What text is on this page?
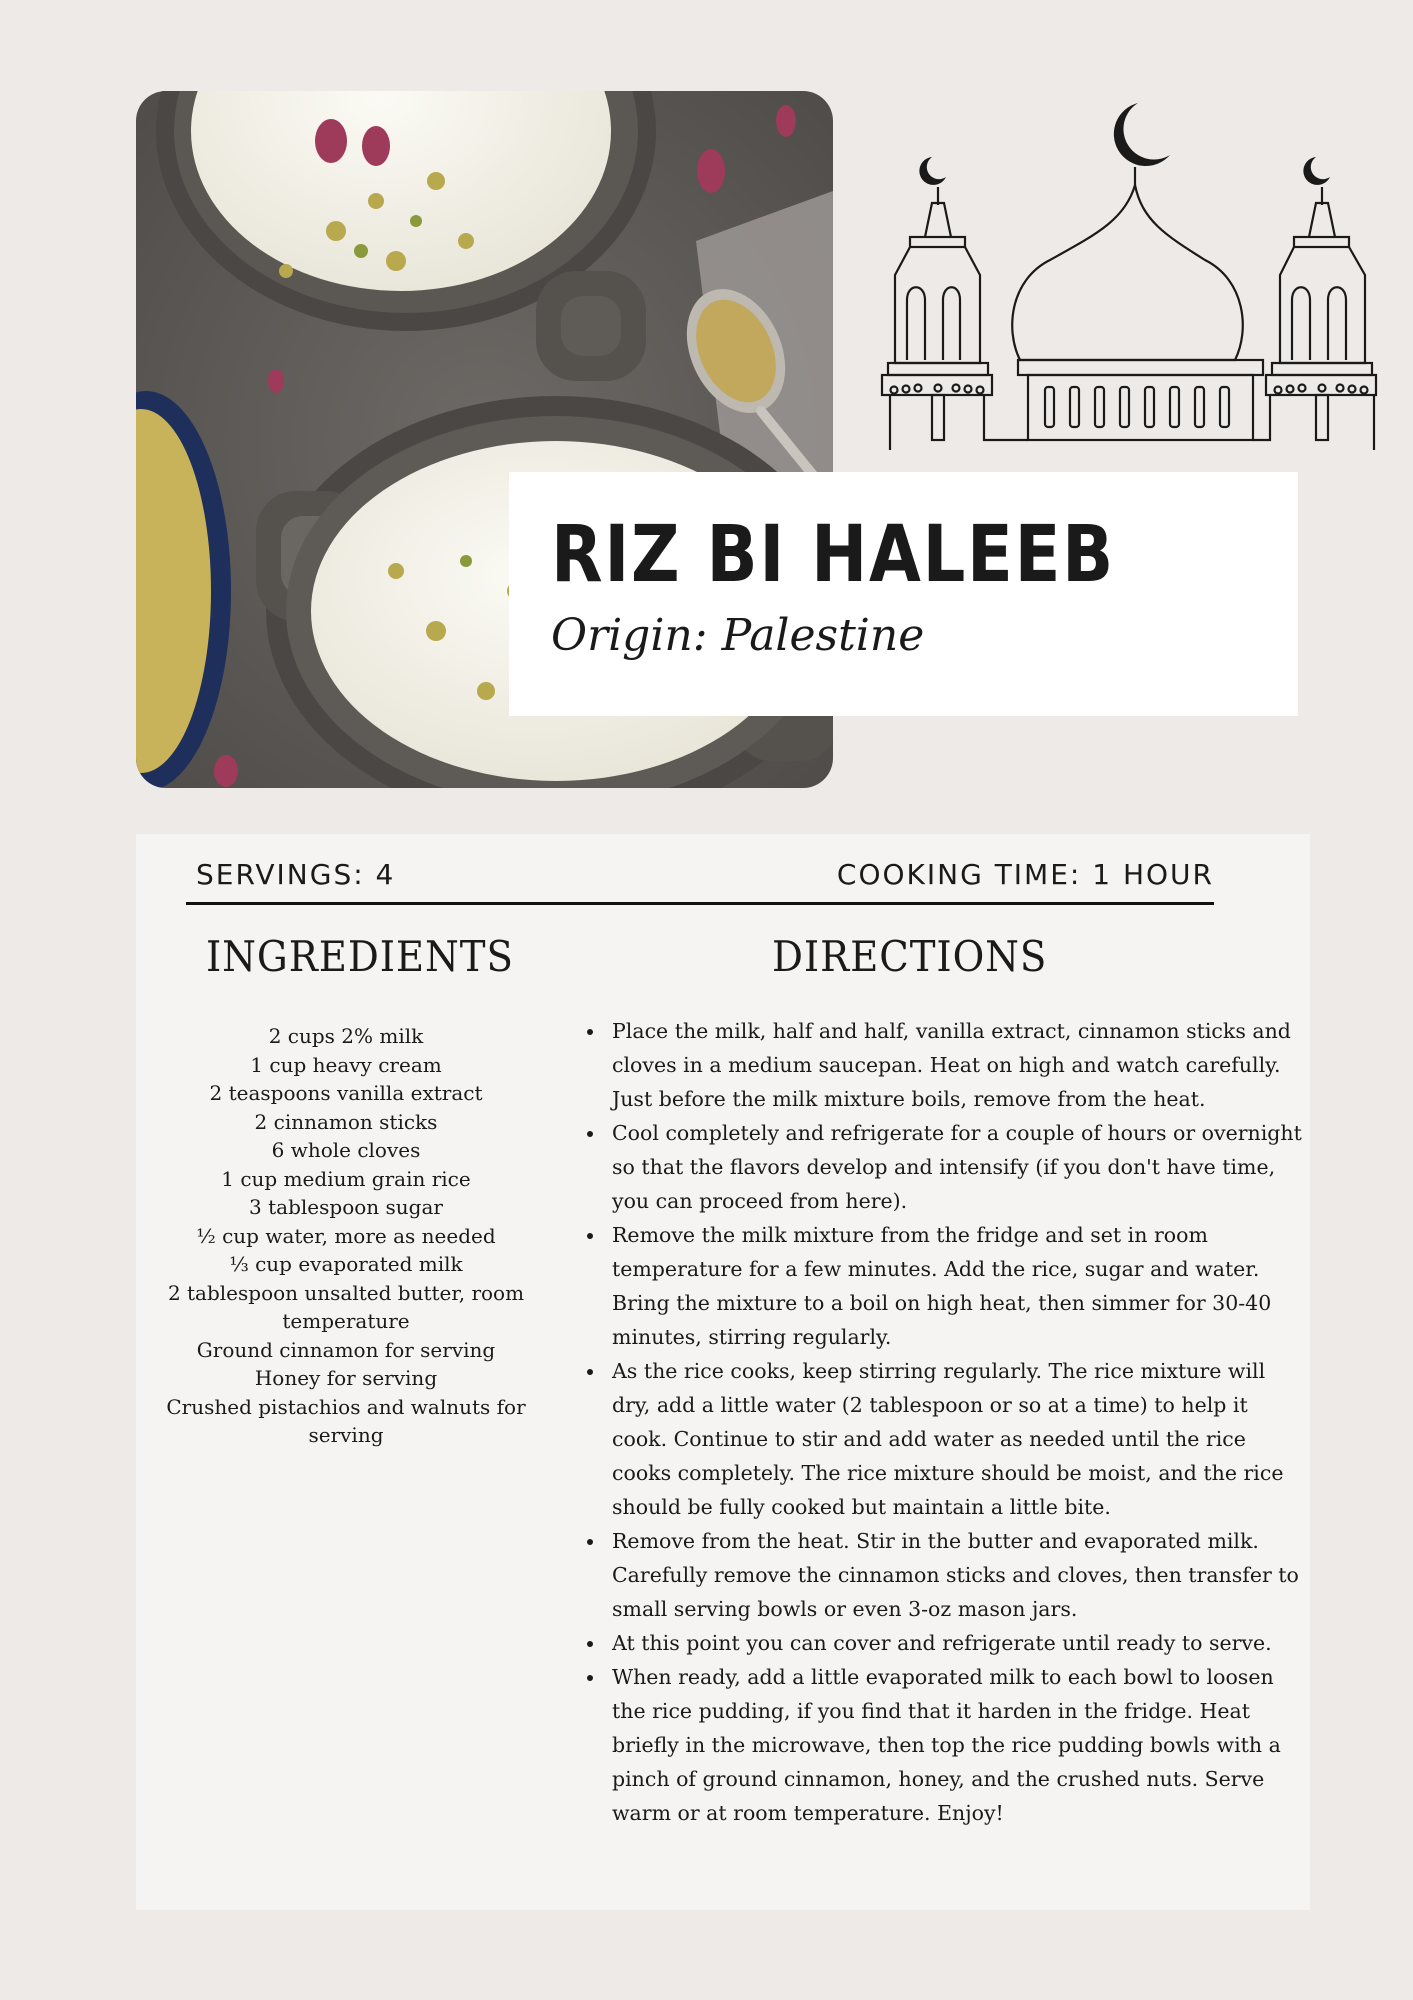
RIZ BI HALEEB

Origin: Palestine

SERVINGS: 4	COOKING TIME: 1 HOUR
INGREDIENTS	DIRECTIONS
2 cups 2% milk
1 cup heavy cream
2 teaspoons vanilla extract
2 cinnamon sticks
6 whole cloves
1 cup medium grain rice
3 tablespoon sugar
½ cup water, more as needed
⅓ cup evaporated milk
2 tablespoon unsalted butter, room temperature
Ground cinnamon for serving
Honey for serving
Crushed pistachios and walnuts for serving
• Place the milk, half and half, vanilla extract, cinnamon sticks and cloves in a medium saucepan. Heat on high and watch carefully. Just before the milk mixture boils, remove from the heat.
• Cool completely and refrigerate for a couple of hours or overnight so that the flavors develop and intensify (if you don't have time, you can proceed from here).
• Remove the milk mixture from the fridge and set in room temperature for a few minutes. Add the rice, sugar and water. Bring the mixture to a boil on high heat, then simmer for 30-40 minutes, stirring regularly.
• As the rice cooks, keep stirring regularly. The rice mixture will dry, add a little water (2 tablespoon or so at a time) to help it cook. Continue to stir and add water as needed until the rice cooks completely. The rice mixture should be moist, and the rice should be fully cooked but maintain a little bite.
• Remove from the heat. Stir in the butter and evaporated milk. Carefully remove the cinnamon sticks and cloves, then transfer to small serving bowls or even 3-oz mason jars.
• At this point you can cover and refrigerate until ready to serve.
• When ready, add a little evaporated milk to each bowl to loosen the rice pudding, if you find that it harden in the fridge. Heat briefly in the microwave, then top the rice pudding bowls with a pinch of ground cinnamon, honey, and the crushed nuts. Serve warm or at room temperature. Enjoy!
